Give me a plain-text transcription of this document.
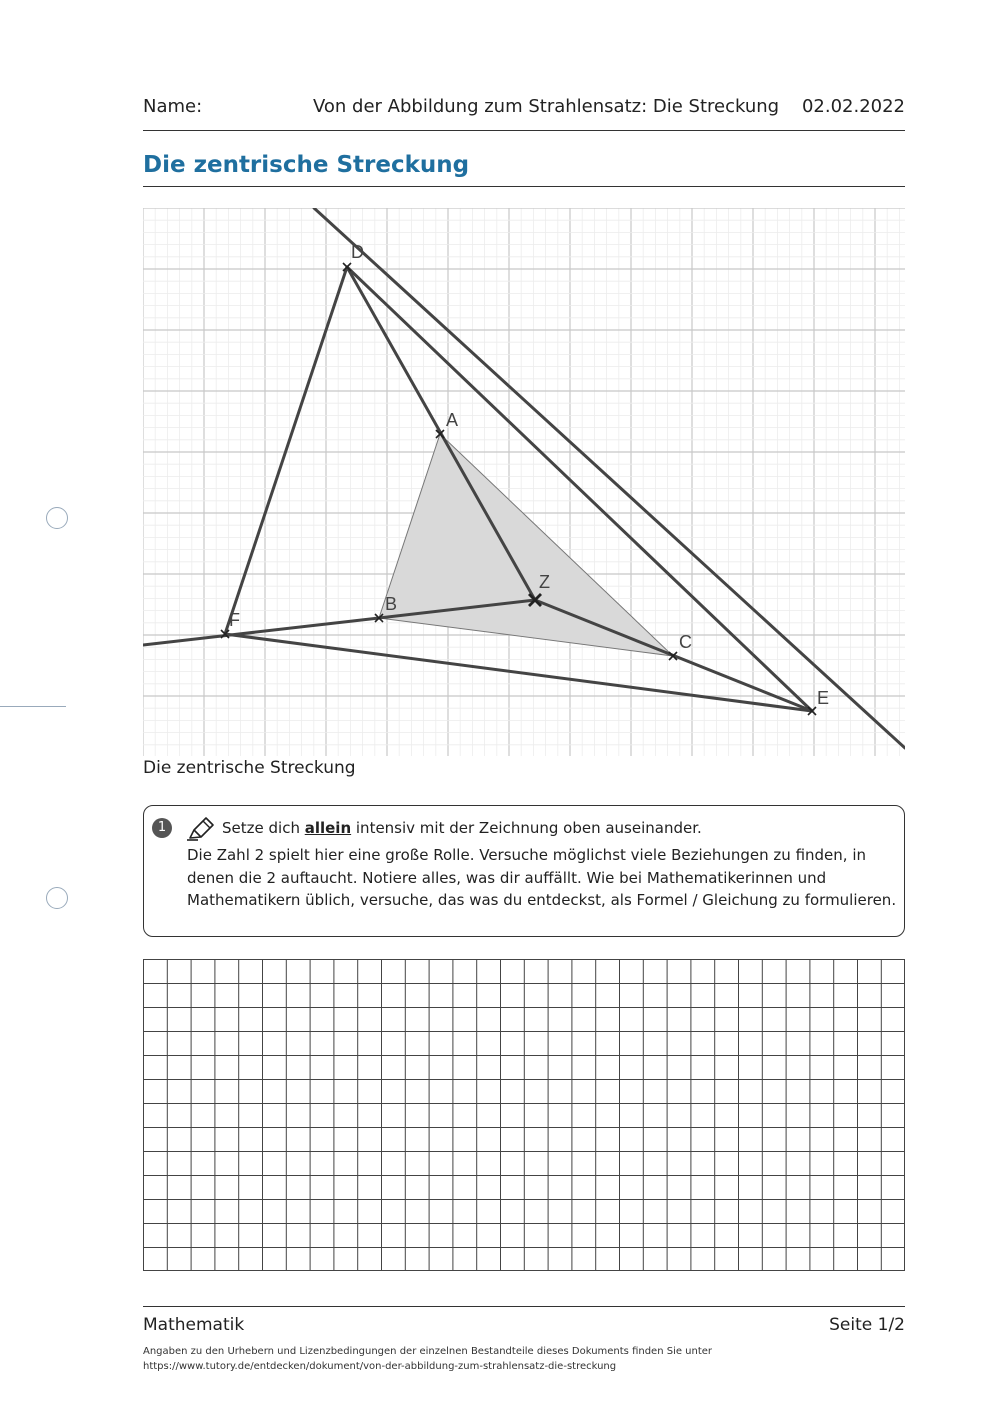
Name:	Von der Abbildung zum Strahlensatz: Die Streckung 02.02.2022
Die zentrische Streckung
A
B
C
D
E
F
Z
Die zentrische Streckung
1	Setze dich allein intensiv mit der Zeichnung oben auseinander.
Die Zahl 2 spielt hier eine große Rolle. Versuche möglichst viele Beziehungen zu finden, in denen die 2 auftaucht. Notiere alles, was dir auffällt. Wie bei Mathematikerinnen und Mathematikern üblich, versuche, das was du entdeckst, als Formel / Gleichung zu formulieren.
Mathematik	Seite 1/2
Angaben zu den Urhebern und Lizenzbedingungen der einzelnen Bestandteile dieses Dokuments finden Sie unter
https://www.tutory.de/entdecken/dokument/von-der-abbildung-zum-strahlensatz-die-streckung
